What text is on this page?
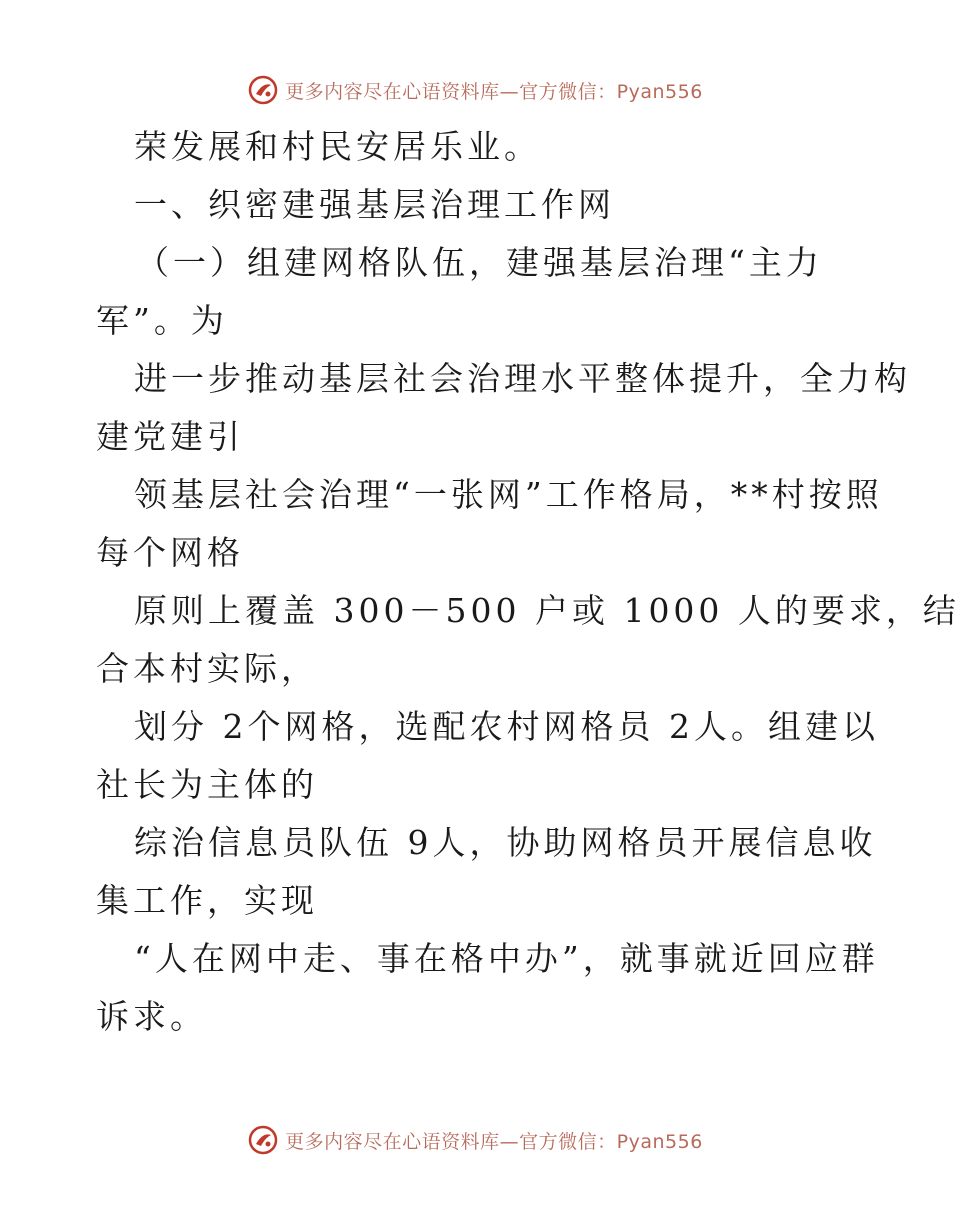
更多内容尽在心语资料库—官方微信：Pyan556
荣发展和村民安居乐业。
一、织密建强基层治理工作网
（一）组建网格队伍，建强基层治理“主力
军”。为
进一步推动基层社会治理水平整体提升，全力构
建党建引
领基层社会治理“一张网”工作格局，**村按照
每个网格
原则上覆盖 300－500 户或 1000 人的要求，结
合本村实际，
划分 2个网格，选配农村网格员 2人。组建以
社长为主体的
综治信息员队伍 9人，协助网格员开展信息收
集工作，实现
“人在网中走、事在格中办”，就事就近回应群
诉求。
更多内容尽在心语资料库—官方微信：Pyan556
